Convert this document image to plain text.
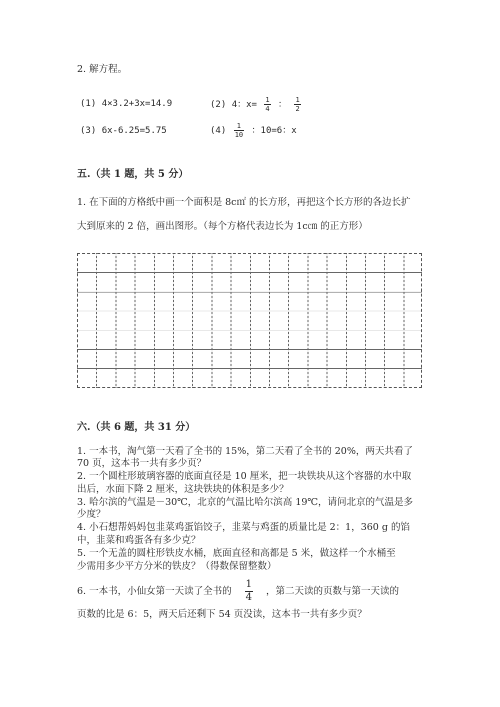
2. 解方程。
(1) 4×3.2+3x=14.9	(2) 4：$x= \frac{1}{4}$ ： $\frac{1}{2}$
(3) 6x-6.25=5.75	$(4) \frac{1}{10}$ ：10=6：x
五.（共 1 题，共 5 分）
1. 在下面的方格纸中画一个面积是 8c㎡ 的长方形，再把这个长方形的各边长扩
大到原来的 2 倍，画出图形。（每个方格代表边长为 1c㎝ 的正方形）
六.（共 6 题，共 31 分）
1. 一本书，淘气第一天看了全书的 15%，第二天看了全书的 20%，两天共看了
70 页，这本书一共有多少页？
2. 一个圆柱形玻璃容器的底面直径是 10 厘米，把一块铁块从这个容器的水中取
出后，水面下降 2 厘米，这块铁块的体积是多少？
3. 哈尔滨的气温是－30℃，北京的气温比哈尔滨高 19℃，请问北京的气温是多
少度？
4. 小石想帮妈妈包韭菜鸡蛋馅饺子，韭菜与鸡蛋的质量比是 2：1，360 g 的馅
中，韭菜和鸡蛋各有多少克？
5. 一个无盖的圆柱形铁皮水桶，底面直径和高都是 5 米，做这样一个水桶至
少需用多少平方分米的铁皮？（得数保留整数）
6. 一本书，小仙女第一天读了全书的 $\frac{1}{4}$ ，第二天读的页数与第一天读的
页数的比是 6：5，两天后还剩下 54 页没读，这本书一共有多少页？
